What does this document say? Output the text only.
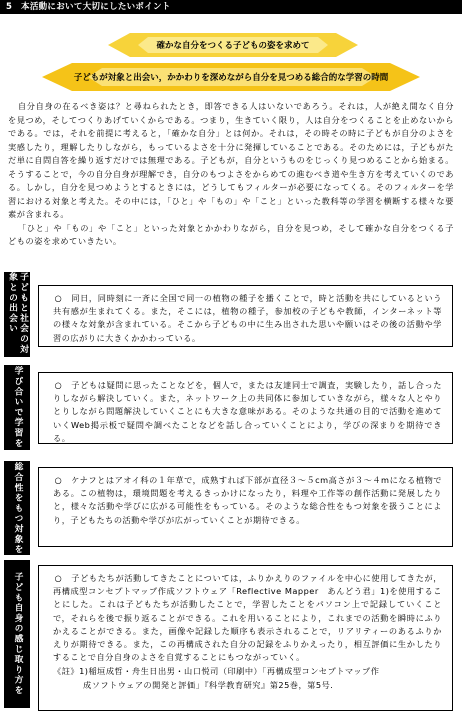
5　本活動において大切にしたいポイント
確かな自分をつくる子どもの姿を求めて
子どもが対象と出会い，かかわりを深めながら自分を見つめる総合的な学習の時間

自分自身の在るべき姿は？と尋ねられたとき，即答できる人はいないであろう。それは，人が絶え間なく自分を見つめ，そしてつくりあげていくからである。つまり，生きていく限り，人は自分をつくることを止めないからである。では，それを前提に考えると，「確かな自分」とは何か。それは，その時その時に子どもが自分のよさを実感したり，理解したりしながら，もっているよさを十分に発揮していることである。そのためには，子どもがただ単に自問自答を繰り返すだけでは無理である。子どもが，自分というものをじっくり見つめることから始まる。そうすることで，今の自分自身が理解でき，自分のもつよさをからめての進むべき道や生き方を考えていくのである。しかし，自分を見つめようとするときには，どうしてもフィルターが必要になってくる。そのフィルターを学習における対象と考えた。その中には，「ひと」や「もの」や「こと」といった教科等の学習を横断する様々な要素が含まれる。

「ひと」や「もの」や「こと」といった対象とかかわりながら，自分を見つめ，そして確かな自分をつくる子どもの姿を求めていきたい。

子どもと社会の対象との出会い	○　同日，同時刻に一斉に全国で同一の植物の種子を播くことで，時と活動を共にしているという共有感が生まれてくる。また，そこには，植物の種子，参加校の子どもや教師，インターネット等の様々な対象が含まれている。そこから子どもの中に生み出された思いや願いはその後の活動や学習の広がりに大きくかかわっている。

学び合いで学習を	○　子どもは疑問に思ったことなどを，個人で，または友達同士で調査，実験したり，話し合ったりしながら解決していく。また，ネットワーク上の共同体に参加していきながら，様々な人とやりとりしながら問題解決していくことにも大きな意味がある。そのような共通の目的で活動を進めていくWeb掲示板で疑問や調べたことなどを話し合っていくことにより，学びの深まりを期待できる。

総合性をもつ対象を	○　ケナフとはアオイ科の１年草で，成熟すれば下部が直径３～５cm高さが３～４mになる植物である。この植物は，環境問題を考えるきっかけになったり，料理や工作等の創作活動に発展したりと，様々な活動や学びに広がる可能性をもっている。そのような総合性をもつ対象を扱うことにより，子どもたちの活動や学びが広がっていくことが期待できる。

子ども自身の感じ取り方を	○　子どもたちが活動してきたことについては，ふりかえりのファイルを中心に使用してきたが，再構成型コンセプトマップ作成ソフトウェア「Reflective Mapper　あんどう君」1)を使用することにした。これは子どもたちが活動したことで，学習したことをパソコン上で記録していくことで，それらを後で振り返ることができる。これを用いることにより，これまでの活動を瞬時にふりかえることができる。また，画像や記録した順序も表示されることで，リアリティーのあるふりかえりが期待できる。また，この再構成された自分の記録をふりかえったり，相互評価に生かしたりすることで自分自身のよさを自覚することにもつながっていく。

《註》1)稲垣成哲・舟生日出男・山口悦司（印刷中）「再構成型コンセプトマップ作
成ソフトウェアの開発と評価」『科学教育研究』第25巻，第5号.
